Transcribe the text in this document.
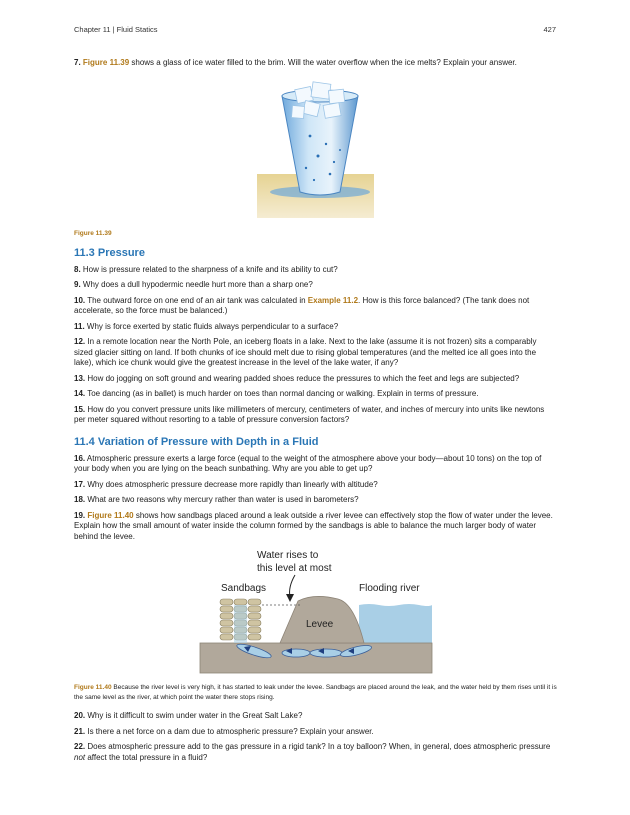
Chapter 11 | Fluid Statics	427

7. Figure 11.39 shows a glass of ice water filled to the brim. Will the water overflow when the ice melts? Explain your answer.

Figure 11.39
11.3 Pressure

8. How is pressure related to the sharpness of a knife and its ability to cut?

9. Why does a dull hypodermic needle hurt more than a sharp one?

10. The outward force on one end of an air tank was calculated in Example 11.2. How is this force balanced? (The tank does not accelerate, so the force must be balanced.)

11. Why is force exerted by static fluids always perpendicular to a surface?

12. In a remote location near the North Pole, an iceberg floats in a lake. Next to the lake (assume it is not frozen) sits a comparably sized glacier sitting on land. If both chunks of ice should melt due to rising global temperatures (and the melted ice all goes into the lake), which ice chunk would give the greatest increase in the level of the lake water, if any?

13. How do jogging on soft ground and wearing padded shoes reduce the pressures to which the feet and legs are subjected?

14. Toe dancing (as in ballet) is much harder on toes than normal dancing or walking. Explain in terms of pressure.

15. How do you convert pressure units like millimeters of mercury, centimeters of water, and inches of mercury into units like newtons per meter squared without resorting to a table of pressure conversion factors?

11.4 Variation of Pressure with Depth in a Fluid

16. Atmospheric pressure exerts a large force (equal to the weight of the atmosphere above your body—about 10 tons) on the top of your body when you are lying on the beach sunbathing. Why are you able to get up?

17. Why does atmospheric pressure decrease more rapidly than linearly with altitude?

18. What are two reasons why mercury rather than water is used in barometers?

19. Figure 11.40 shows how sandbags placed around a leak outside a river levee can effectively stop the flow of water under the levee. Explain how the small amount of water inside the column formed by the sandbags is able to balance the much larger body of water behind the levee.

Water rises to
this level at most
Sandbags	Flooding river
Levee

Figure 11.40 Because the river level is very high, it has started to leak under the levee. Sandbags are placed around the leak, and the water held by them rises until it is the same level as the river, at which point the water there stops rising.

20. Why is it difficult to swim under water in the Great Salt Lake?

21. Is there a net force on a dam due to atmospheric pressure? Explain your answer.

22. Does atmospheric pressure add to the gas pressure in a rigid tank? In a toy balloon? When, in general, does atmospheric pressure not affect the total pressure in a fluid?
